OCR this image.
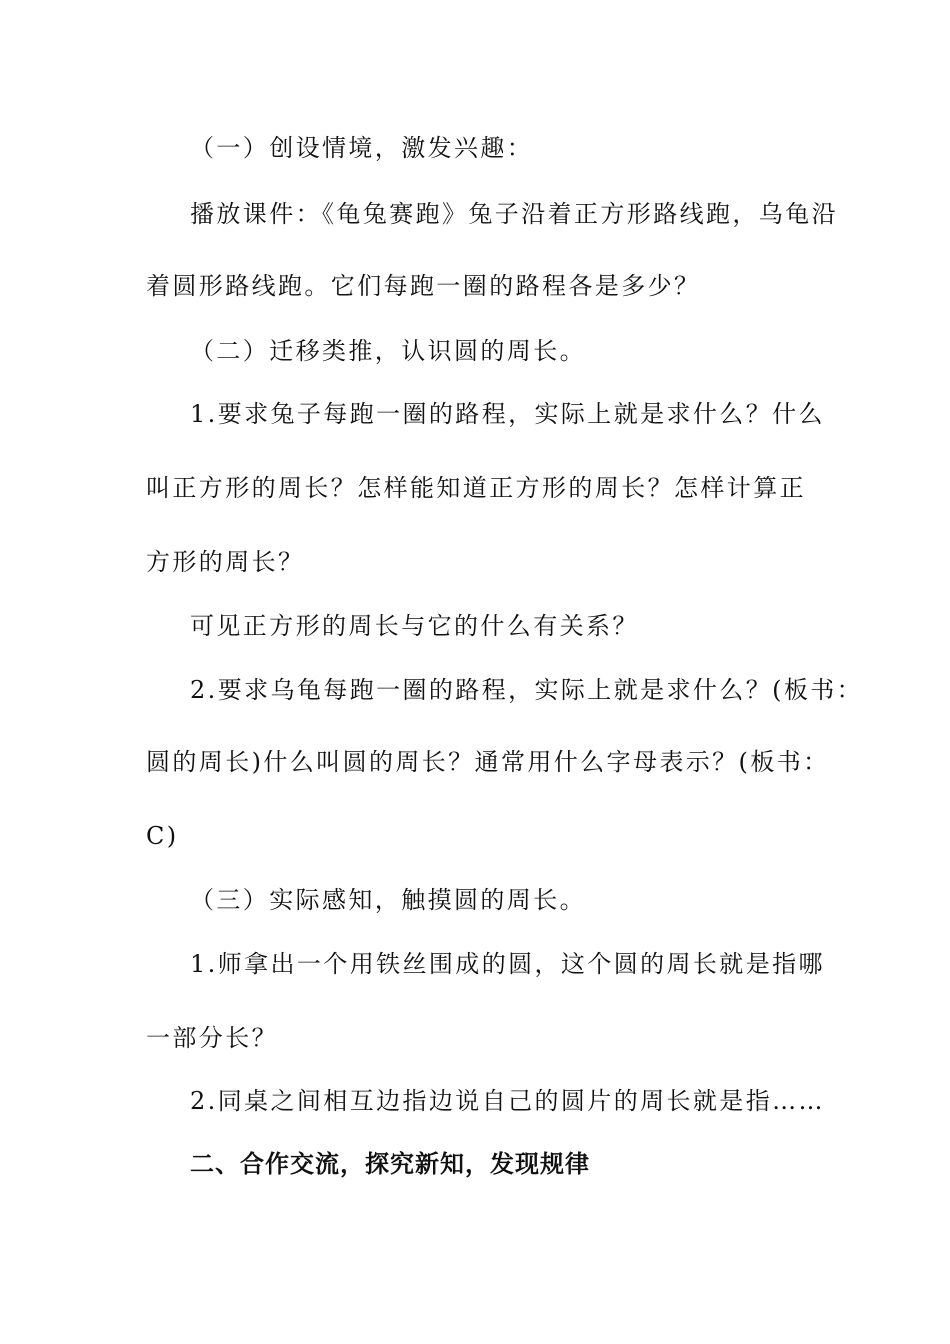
（一）创设情境，激发兴趣：
播放课件：《龟兔赛跑》兔子沿着正方形路线跑，乌龟沿
着圆形路线跑。它们每跑一圈的路程各是多少？
（二）迁移类推，认识圆的周长。
1.要求兔子每跑一圈的路程，实际上就是求什么？什么
叫正方形的周长？怎样能知道正方形的周长？怎样计算正
方形的周长？
可见正方形的周长与它的什么有关系？
2.要求乌龟每跑一圈的路程，实际上就是求什么？(板书：
圆的周长)什么叫圆的周长？通常用什么字母表示？(板书：
C)
（三）实际感知，触摸圆的周长。
1.师拿出一个用铁丝围成的圆，这个圆的周长就是指哪
一部分长？
2.同桌之间相互边指边说自己的圆片的周长就是指……
二、合作交流，探究新知，发现规律
